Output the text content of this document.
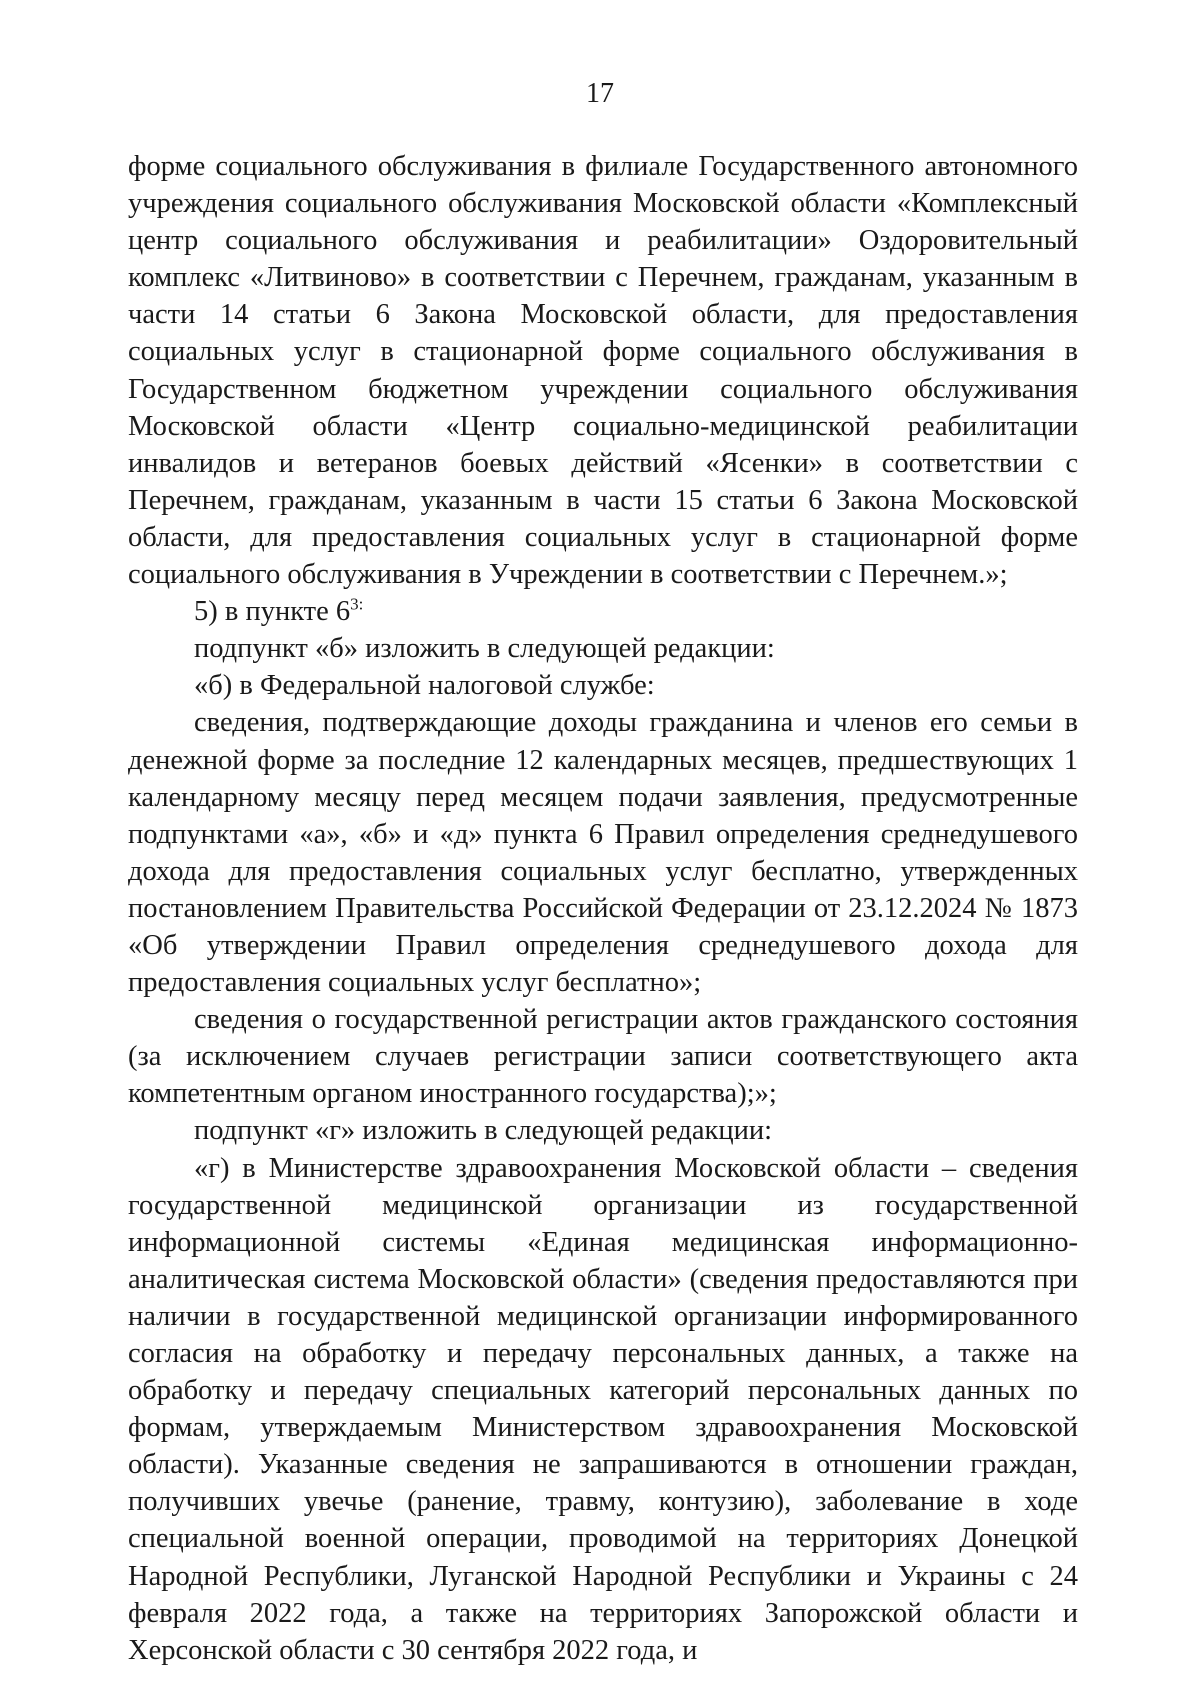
17

форме социального обслуживания в филиале Государственного автономного учреждения социального обслуживания Московской области «Комплексный центр социального обслуживания и реабилитации» Оздоровительный комплекс «Литвиново» в соответствии с Перечнем, гражданам, указанным в части 14 статьи 6 Закона Московской области, для предоставления социальных услуг в стационарной форме социального обслуживания в Государственном бюджетном учреждении социального обслуживания Московской области «Центр социально-медицинской реабилитации инвалидов и ветеранов боевых действий «Ясенки» в соответствии с Перечнем, гражданам, указанным в части 15 статьи 6 Закона Московской области, для предоставления социальных услуг в стационарной форме социального обслуживания в Учреждении в соответствии с Перечнем.»;

5) в пункте $6^{3:}$

подпункт «б» изложить в следующей редакции:

«б) в Федеральной налоговой службе:

сведения, подтверждающие доходы гражданина и членов его семьи в денежной форме за последние 12 календарных месяцев, предшествующих 1 календарному месяцу перед месяцем подачи заявления, предусмотренные подпунктами «а», «б» и «д» пункта 6 Правил определения среднедушевого дохода для предоставления социальных услуг бесплатно, утвержденных постановлением Правительства Российской Федерации от 23.12.2024 № 1873 «Об утверждении Правил определения среднедушевого дохода для предоставления социальных услуг бесплатно»;

сведения о государственной регистрации актов гражданского состояния (за исключением случаев регистрации записи соответствующего акта компетентным органом иностранного государства);»;

подпункт «г» изложить в следующей редакции:

«г) в Министерстве здравоохранения Московской области – сведения государственной медицинской организации из государственной информационной системы «Единая медицинская информационно-аналитическая система Московской области» (сведения предоставляются при наличии в государственной медицинской организации информированного согласия на обработку и передачу персональных данных, а также на обработку и передачу специальных категорий персональных данных по формам, утверждаемым Министерством здравоохранения Московской области). Указанные сведения не запрашиваются в отношении граждан, получивших увечье (ранение, травму, контузию), заболевание в ходе специальной военной операции, проводимой на территориях Донецкой Народной Республики, Луганской Народной Республики и Украины с 24 февраля 2022 года, а также на территориях Запорожской области и Херсонской области с 30 сентября 2022 года, и
